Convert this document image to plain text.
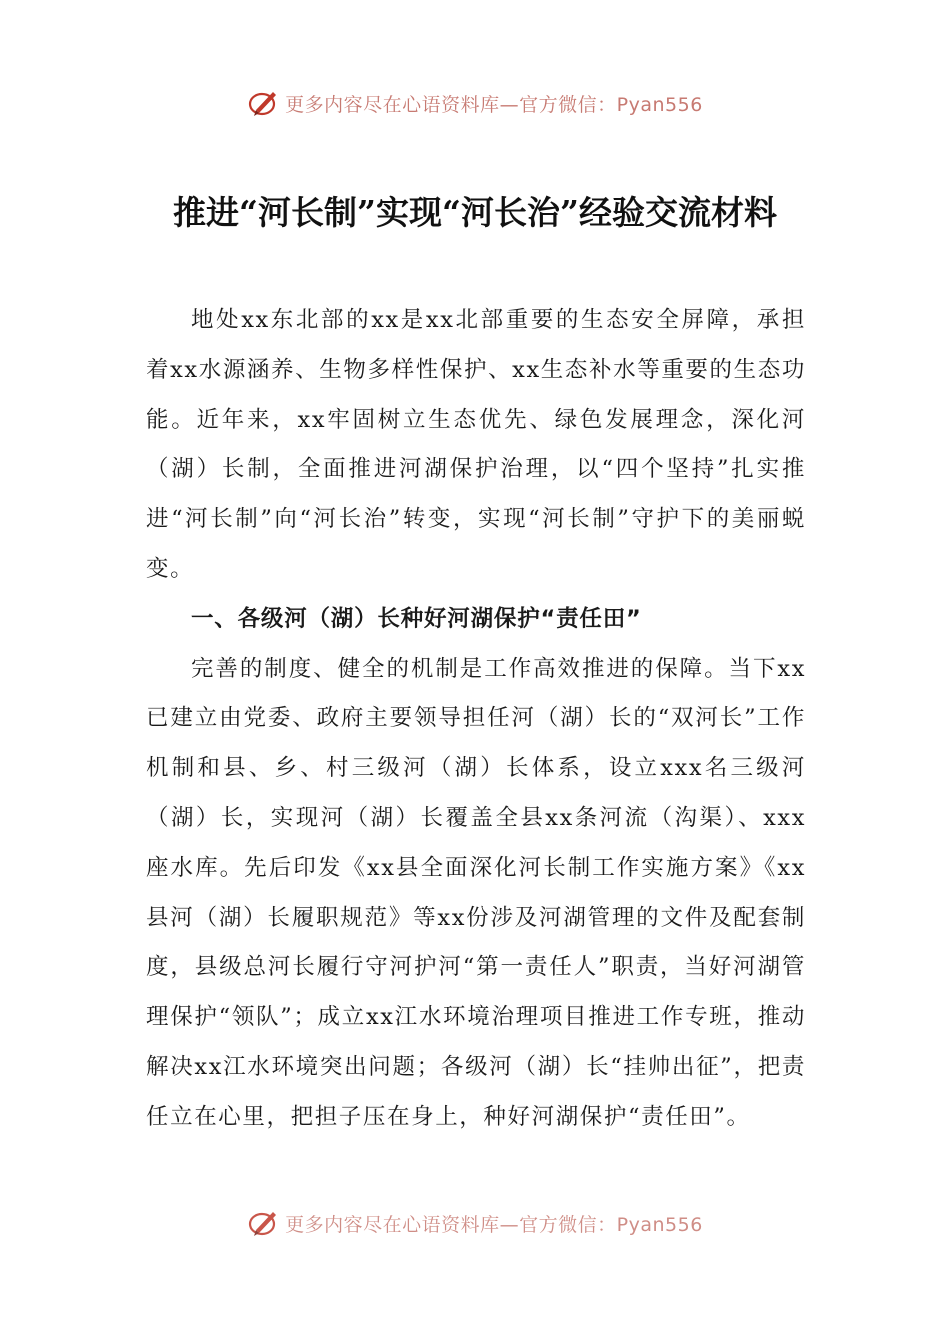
更多内容尽在心语资料库—官方微信：Pyan556
推进“河长制”实现“河长治”经验交流材料

地处xx东北部的xx是xx北部重要的生态安全屏障，承担着xx水源涵养、生物多样性保护、xx生态补水等重要的生态功能。近年来，xx牢固树立生态优先、绿色发展理念，深化河（湖）长制，全面推进河湖保护治理，以“四个坚持”扎实推进“河长制”向“河长治”转变，实现“河长制”守护下的美丽蜕变。

一、各级河（湖）长种好河湖保护“责任田”

完善的制度、健全的机制是工作高效推进的保障。当下xx已建立由党委、政府主要领导担任河（湖）长的“双河长”工作机制和县、乡、村三级河（湖）长体系，设立xxx名三级河（湖）长，实现河（湖）长覆盖全县xx条河流（沟渠）、xxx座水库。先后印发《xx县全面深化河长制工作实施方案》《xx县河（湖）长履职规范》等xx份涉及河湖管理的文件及配套制度，县级总河长履行守河护河“第一责任人”职责，当好河湖管理保护“领队”；成立xx江水环境治理项目推进工作专班，推动解决xx江水环境突出问题；各级河（湖）长“挂帅出征”，把责任立在心里，把担子压在身上，种好河湖保护“责任田”。

更多内容尽在心语资料库—官方微信：Pyan556
